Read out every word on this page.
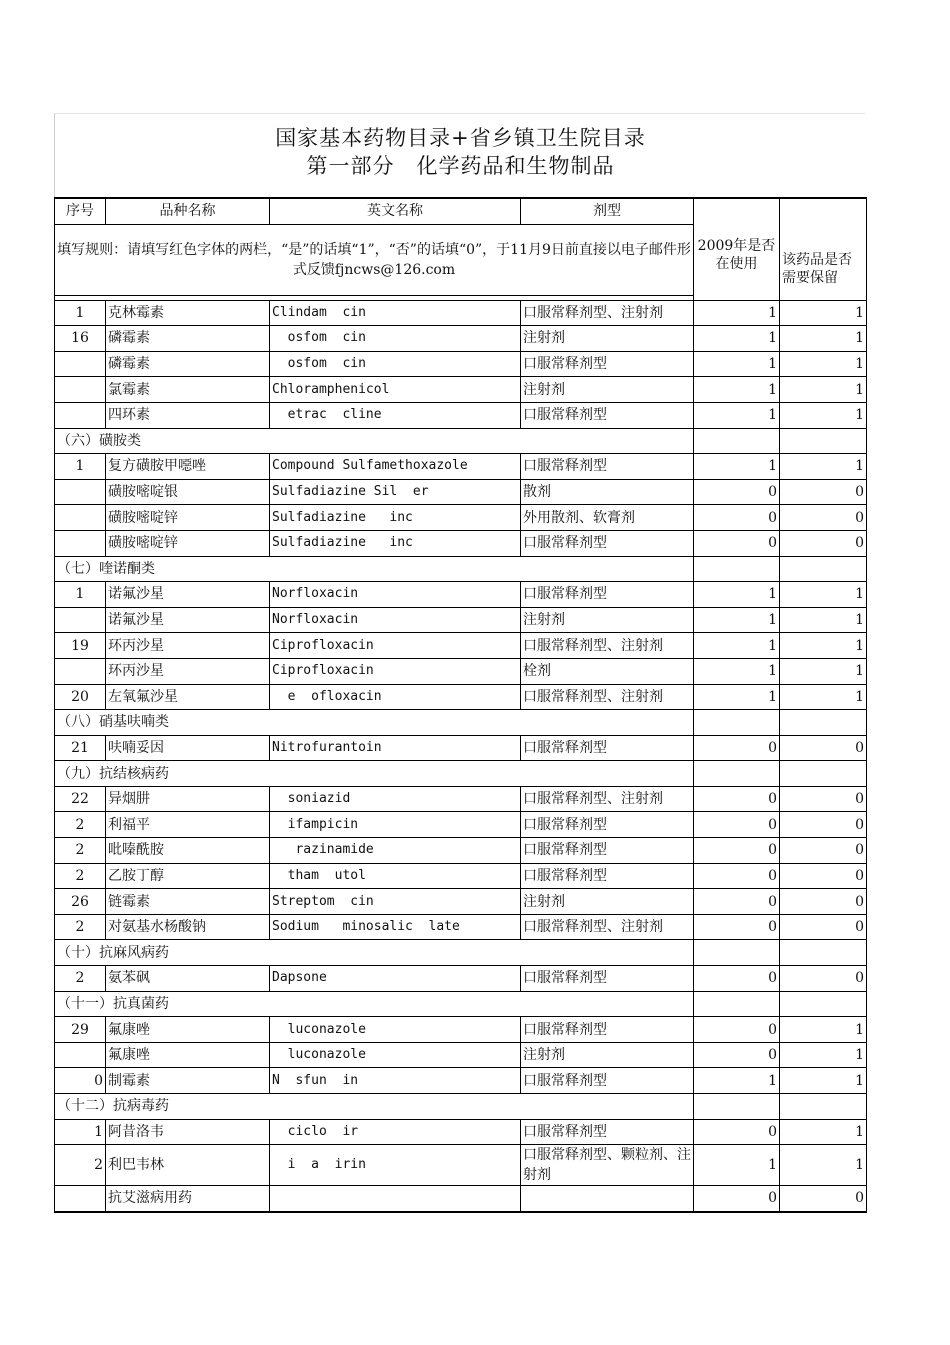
国家基本药物目录+省乡镇卫生院目录
第一部分　化学药品和生物制品
序号	品种名称	英文名称	剂型	2009年是否在使用	该药品是否需要保留
填写规则：请填写红色字体的两栏，“是”的话填“1”，“否”的话填“0”，于11月9日前直接以电子邮件形式反馈fjncws@126.com					

1	克林霉素	Clindam  cin	口服常释剂型、注射剂	1	1
16	磷霉素	osfom  cin	注射剂	1	1
	磷霉素	osfom  cin	口服常释剂型	1	1
	氯霉素	Chloramphenicol	注射剂	1	1
	四环素	etrac  cline	口服常释剂型	1	1
（六）磺胺类					
1	复方磺胺甲噁唑	Compound Sulfamethoxazole	口服常释剂型	1	1
	磺胺嘧啶银	Sulfadiazine Sil  er	散剂	0	0
	磺胺嘧啶锌	Sulfadiazine   inc	外用散剂、软膏剂	0	0
	磺胺嘧啶锌	Sulfadiazine   inc	口服常释剂型	0	0
（七）喹诺酮类					
1	诺氟沙星	Norfloxacin	口服常释剂型	1	1
	诺氟沙星	Norfloxacin	注射剂	1	1
19	环丙沙星	Ciprofloxacin	口服常释剂型、注射剂	1	1
	环丙沙星	Ciprofloxacin	栓剂	1	1
20	左氧氟沙星	e  ofloxacin	口服常释剂型、注射剂	1	1
（八）硝基呋喃类					
21	呋喃妥因	Nitrofurantoin	口服常释剂型	0	0
（九）抗结核病药					
22	异烟肼	soniazid	口服常释剂型、注射剂	0	0
2	利福平	ifampicin	口服常释剂型	0	0
2	吡嗪酰胺	razinamide	口服常释剂型	0	0
2	乙胺丁醇	tham  utol	口服常释剂型	0	0
26	链霉素	Streptom  cin	注射剂	0	0
2	对氨基水杨酸钠	Sodium   minosalic  late	口服常释剂型、注射剂	0	0
（十）抗麻风病药					
2	氨苯砜	Dapsone	口服常释剂型	0	0
（十一）抗真菌药					
29	氟康唑	luconazole	口服常释剂型	0	1
	氟康唑	luconazole	注射剂	0	1
0	制霉素	N  sfun  in	口服常释剂型	1	1
（十二）抗病毒药					
1	阿昔洛韦	ciclo  ir	口服常释剂型	0	1
2	利巴韦林	i  a  irin	口服常释剂型、颗粒剂、注射剂	1	1
	抗艾滋病用药			0	0
